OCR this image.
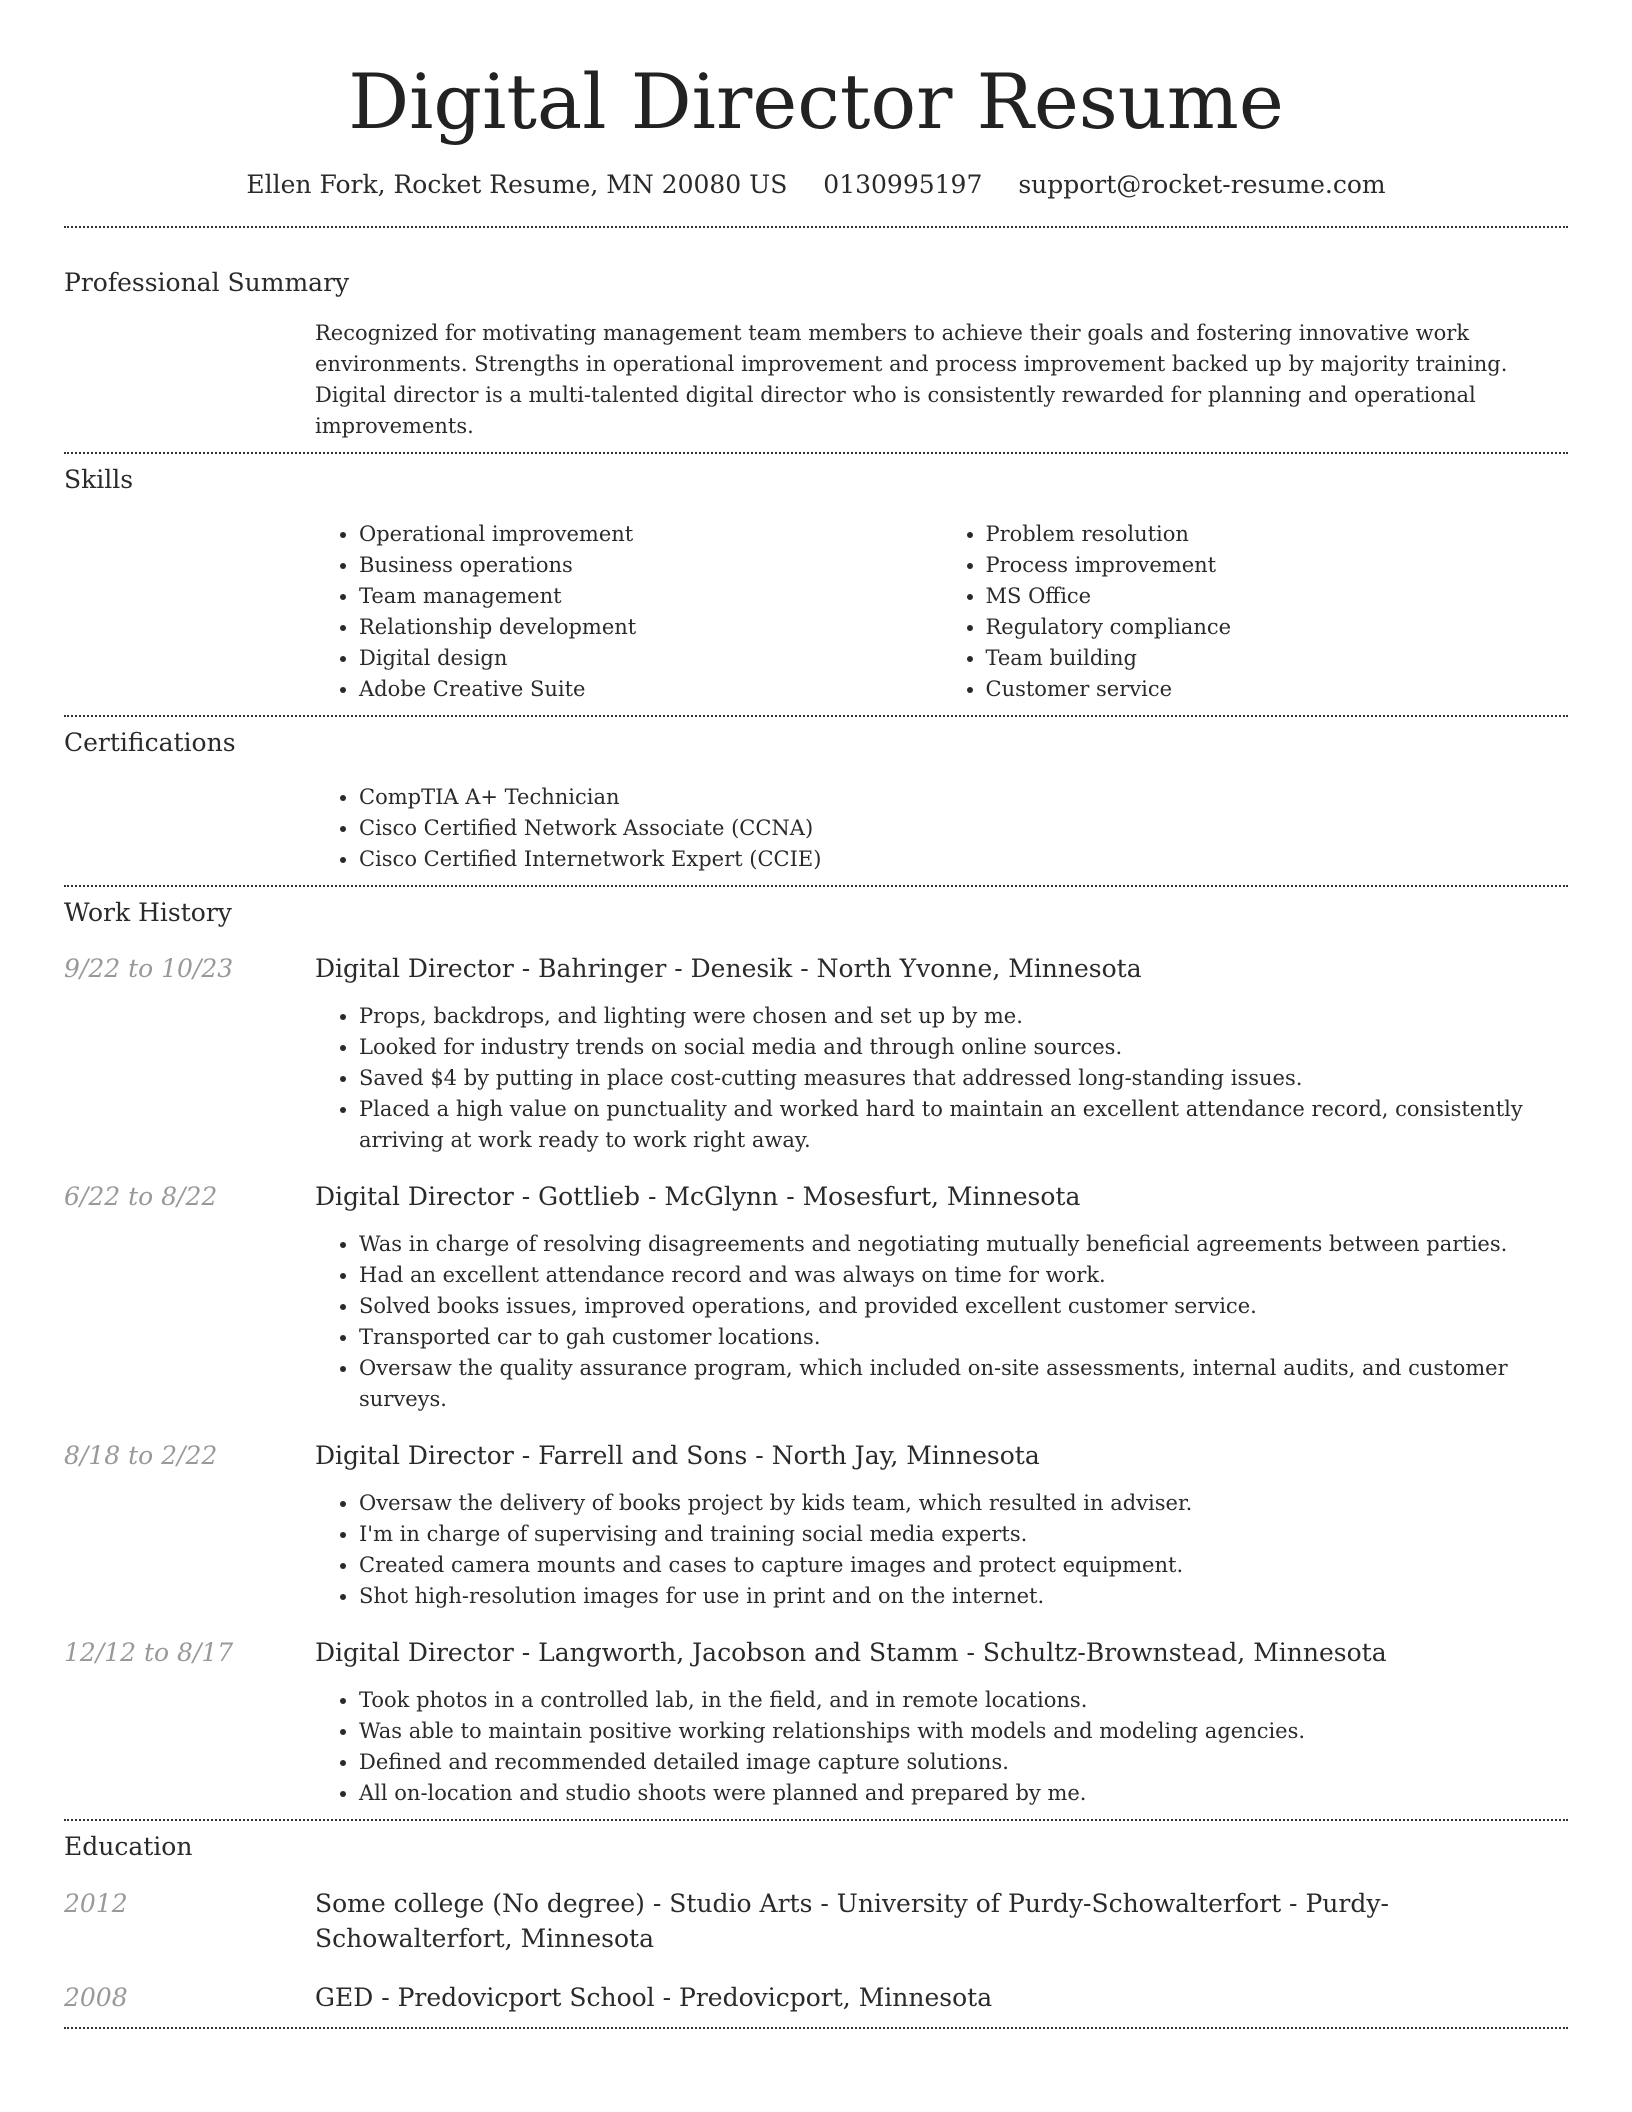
Digital Director Resume
Ellen Fork, Rocket Resume, MN 20080 US 0130995197 support@rocket-resume.com

Professional Summary

Recognized for motivating management team members to achieve their goals and fostering innovative work environments. Strengths in operational improvement and process improvement backed up by majority training. Digital director is a multi-talented digital director who is consistently rewarded for planning and operational improvements.

Skills

• Operational improvement
• Business operations
• Team management
• Relationship development
• Digital design
• Adobe Creative Suite
• Problem resolution
• Process improvement
• MS Office
• Regulatory compliance
• Team building
• Customer service

Certifications

• CompTIA A+ Technician
• Cisco Certified Network Associate (CCNA)
• Cisco Certified Internetwork Expert (CCIE)

Work History

9/22 to 10/23	Digital Director - Bahringer - Denesik - North Yvonne, Minnesota
• Props, backdrops, and lighting were chosen and set up by me.
• Looked for industry trends on social media and through online sources.
• Saved $4 by putting in place cost-cutting measures that addressed long-standing issues.
• Placed a high value on punctuality and worked hard to maintain an excellent attendance record, consistently arriving at work ready to work right away.
6/22 to 8/22	Digital Director - Gottlieb - McGlynn - Mosesfurt, Minnesota
• Was in charge of resolving disagreements and negotiating mutually beneficial agreements between parties.
• Had an excellent attendance record and was always on time for work.
• Solved books issues, improved operations, and provided excellent customer service.
• Transported car to gah customer locations.
• Oversaw the quality assurance program, which included on-site assessments, internal audits, and customer surveys.
8/18 to 2/22	Digital Director - Farrell and Sons - North Jay, Minnesota
• Oversaw the delivery of books project by kids team, which resulted in adviser.
• I'm in charge of supervising and training social media experts.
• Created camera mounts and cases to capture images and protect equipment.
• Shot high-resolution images for use in print and on the internet.
12/12 to 8/17	Digital Director - Langworth, Jacobson and Stamm - Schultz-Brownstead, Minnesota
• Took photos in a controlled lab, in the field, and in remote locations.
• Was able to maintain positive working relationships with models and modeling agencies.
• Defined and recommended detailed image capture solutions.
• All on-location and studio shoots were planned and prepared by me.

Education

2012	Some college (No degree) - Studio Arts - University of Purdy-Schowalterfort - Purdy-Schowalterfort, Minnesota
2008	GED - Predovicport School - Predovicport, Minnesota
